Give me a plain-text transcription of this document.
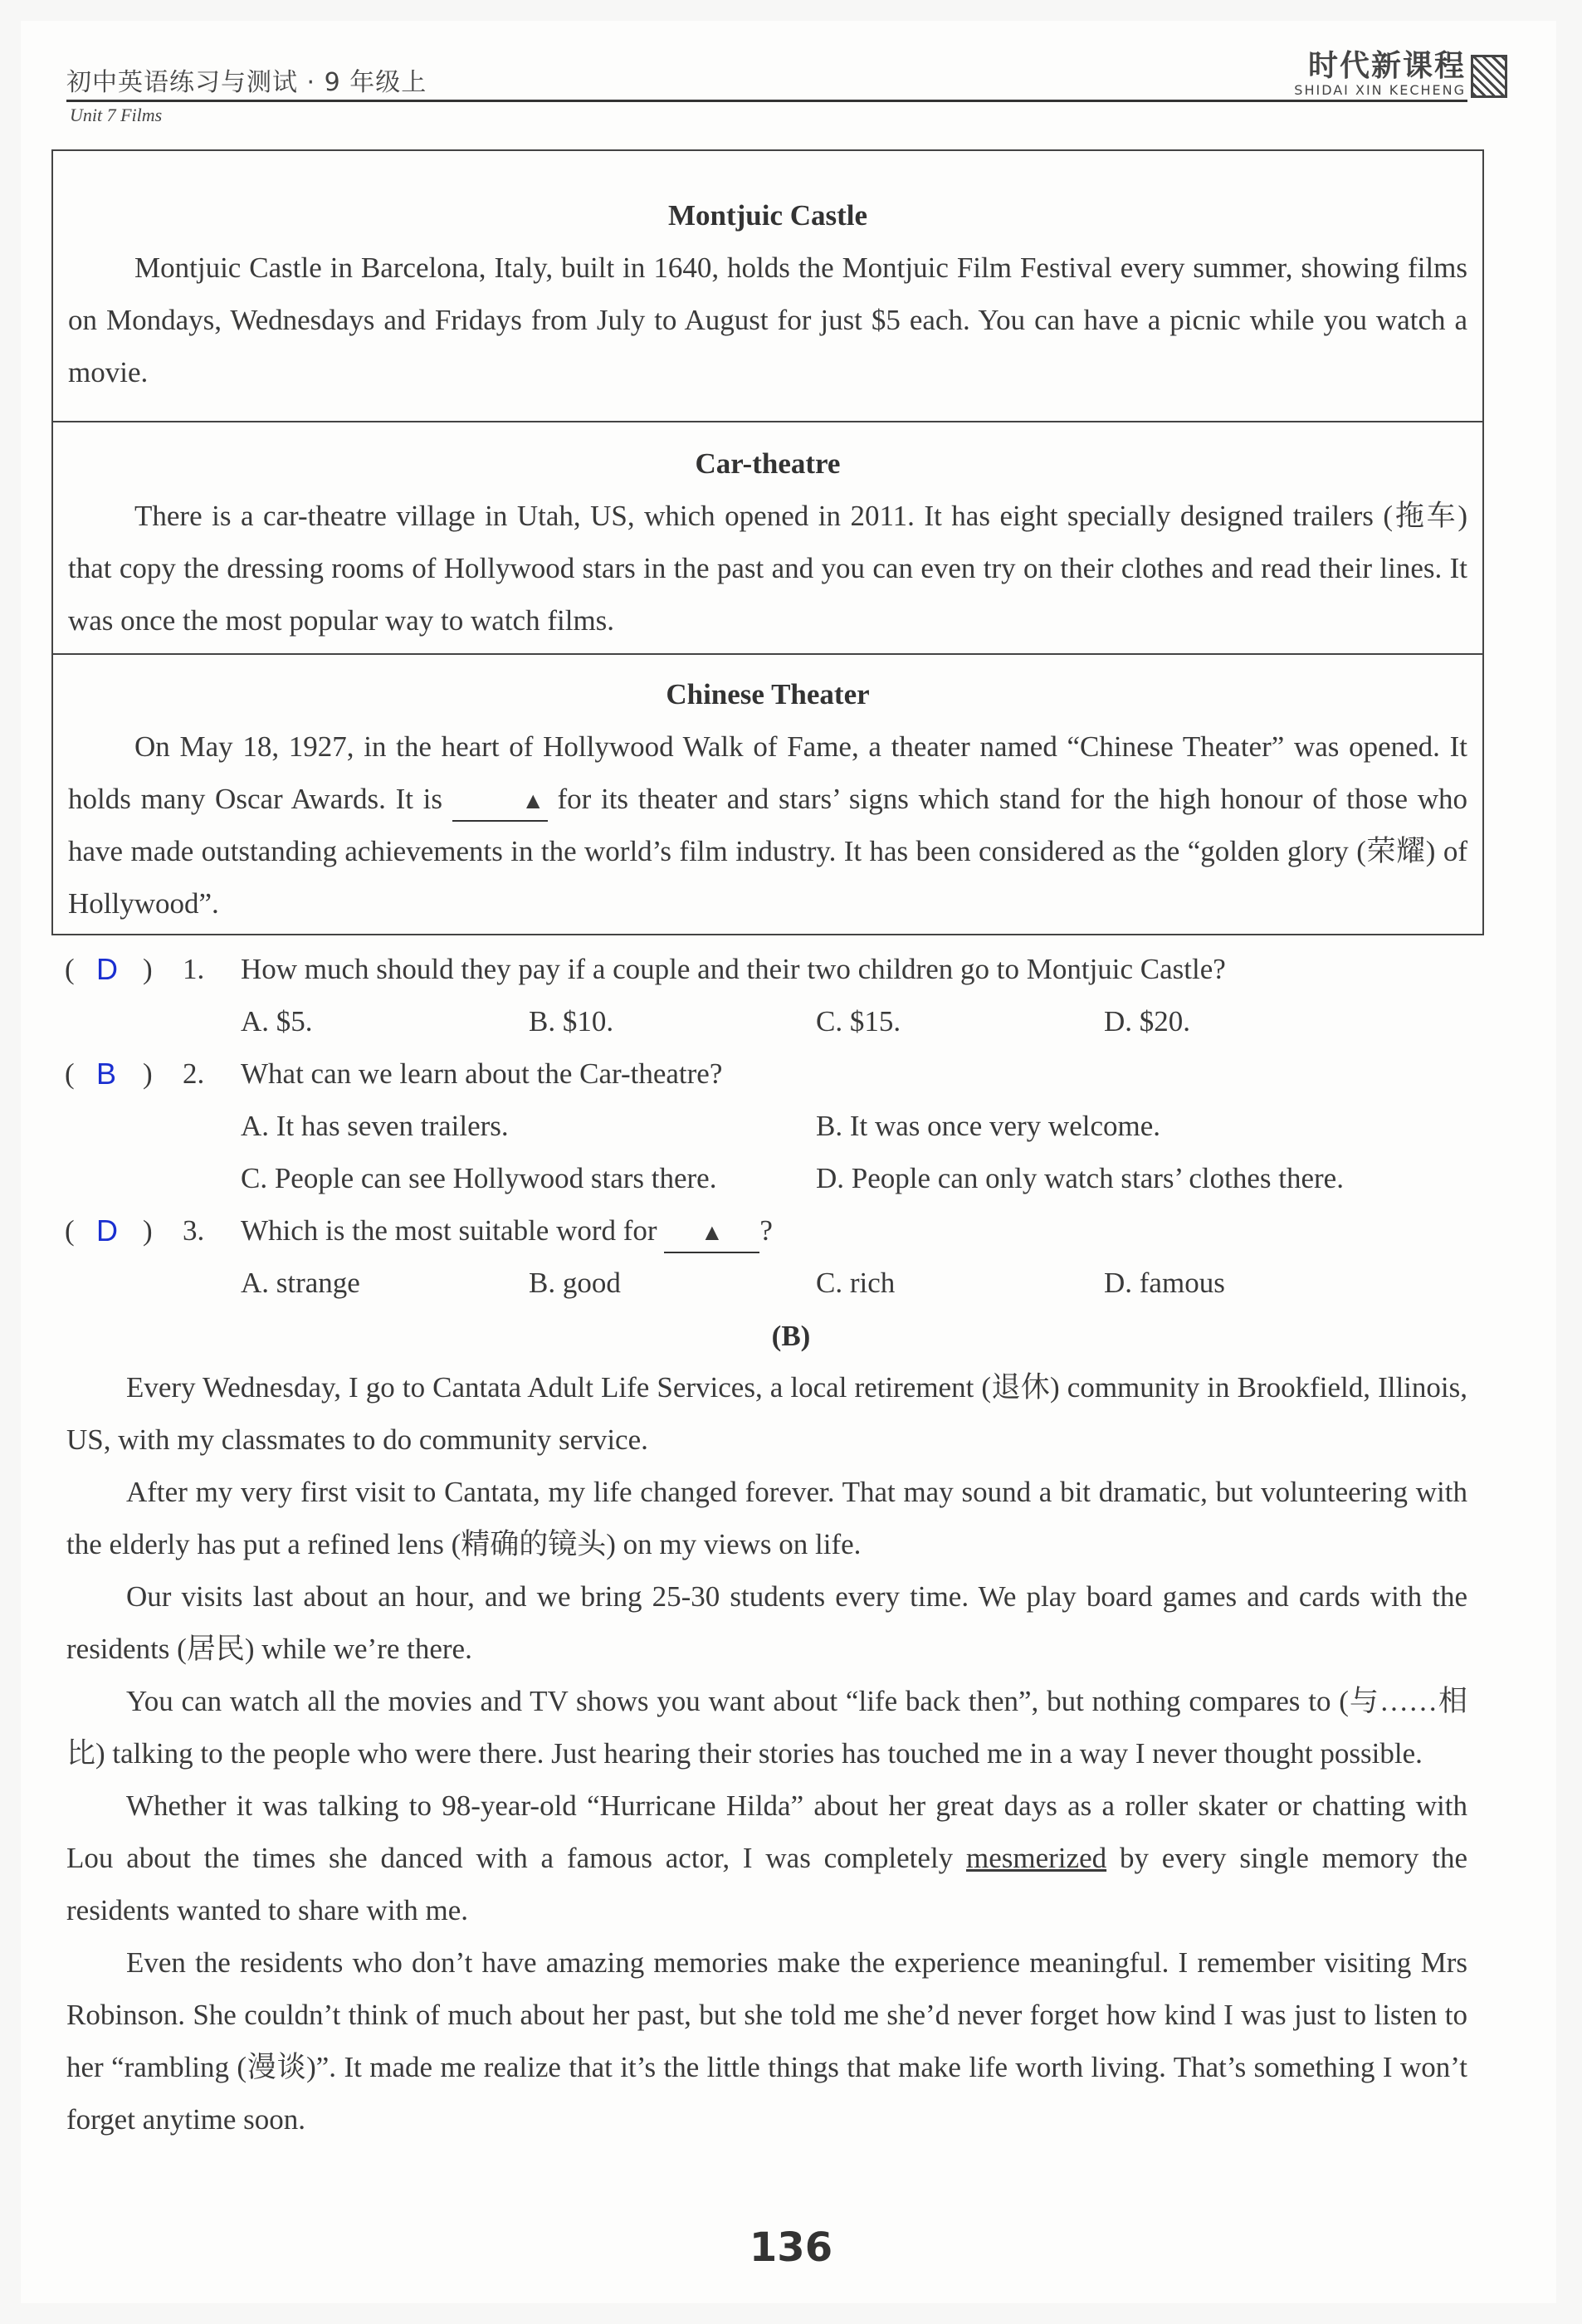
初中英语练习与测试 · 9 年级上	时代新课程
SHIDAI XIN KECHENG
Unit 7 Films
Montjuic Castle
Montjuic Castle in Barcelona, Italy, built in 1640, holds the Montjuic Film Festival every summer, showing films on Mondays, Wednesdays and Fridays from July to August for just $5 each. You can have a picnic while you watch a movie.
Car-theatre
There is a car-theatre village in Utah, US, which opened in 2011. It has eight specially designed trailers (拖车) that copy the dressing rooms of Hollywood stars in the past and you can even try on their clothes and read their lines. It was once the most popular way to watch films.
Chinese Theater
On May 18, 1927, in the heart of Hollywood Walk of Fame, a theater named “Chinese Theater” was opened. It holds many Oscar Awards. It is	▲ for its theater and stars’ signs which stand for the high honour of those who have made outstanding achievements in the world’s film industry. It has been considered as the “golden glory (荣耀) of Hollywood”.
( D ) 1. How much should they pay if a couple and their two children go to Montjuic Castle?
A. $5.	B. $10.	C. $15.	D. $20.
( B ) 2. What can we learn about the Car-theatre?
A. It has seven trailers.	B. It was once very welcome.
C. People can see Hollywood stars there.	D. People can only watch stars’ clothes there.
( D ) 3. Which is the most suitable word for ▲ ?
A. strange	B. good	C. rich	D. famous
(B)
Every Wednesday, I go to Cantata Adult Life Services, a local retirement (退休) community in Brookfield, Illinois, US, with my classmates to do community service.
After my very first visit to Cantata, my life changed forever. That may sound a bit dramatic, but volunteering with the elderly has put a refined lens (精确的镜头) on my views on life.
Our visits last about an hour, and we bring 25-30 students every time. We play board games and cards with the residents (居民) while we’re there.
You can watch all the movies and TV shows you want about “life back then”, but nothing compares to (与……相比) talking to the people who were there. Just hearing their stories has touched me in a way I never thought possible.
Whether it was talking to 98-year-old “Hurricane Hilda” about her great days as a roller skater or chatting with Lou about the times she danced with a famous actor, I was completely mesmerized by every single memory the residents wanted to share with me.
Even the residents who don’t have amazing memories make the experience meaningful. I remember visiting Mrs Robinson. She couldn’t think of much about her past, but she told me she’d never forget how kind I was just to listen to her “rambling (漫谈)”. It made me realize that it’s the little things that make life worth living. That’s something I won’t forget anytime soon.
136
